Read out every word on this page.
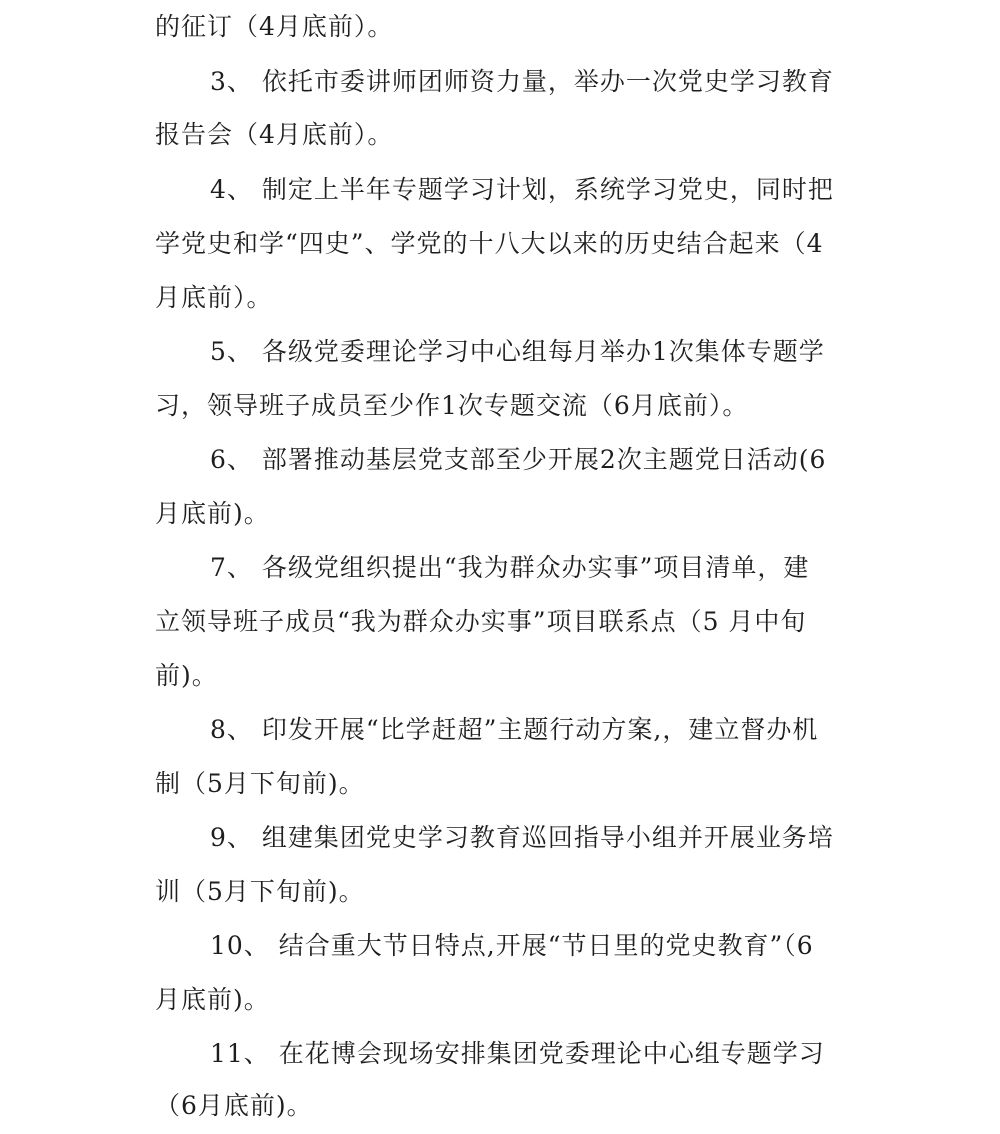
的征订（4月底前）。
3、 依托市委讲师团师资力量，举办一次党史学习教育
报告会（4月底前）。
4、 制定上半年专题学习计划，系统学习党史，同时把
学党史和学“四史”、学党的十八大以来的历史结合起来（4
月底前）。
5、 各级党委理论学习中心组每月举办1次集体专题学
习，领导班子成员至少作1次专题交流（6月底前）。
6、 部署推动基层党支部至少开展2次主题党日活动(6
月底前)。
7、 各级党组织提出“我为群众办实事”项目清单，建
立领导班子成员“我为群众办实事”项目联系点（5 月中旬
前)。
8、 印发开展“比学赶超”主题行动方案,，建立督办机
制（5月下旬前)。
9、 组建集团党史学习教育巡回指导小组并开展业务培
训（5月下旬前)。
10、 结合重大节日特点,开展“节日里的党史教育”（6
月底前)。
11、 在花博会现场安排集团党委理论中心组专题学习
（6月底前)。
